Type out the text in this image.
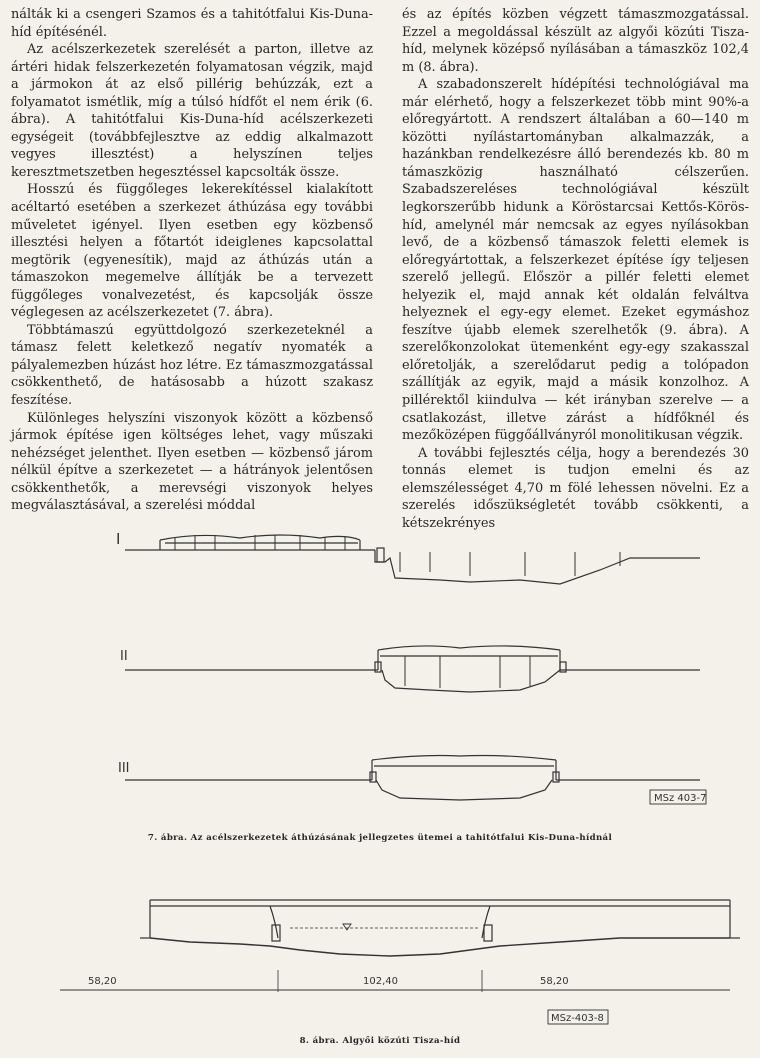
nálták ki a csengeri Szamos és a tahitótfalui Kis-Duna-híd építésénél.

Az acélszerkezetek szerelését a parton, illetve az ártéri hidak felszerkezetén folyamatosan végzik, majd a jármokon át az első pillérig behúzzák, ezt a folyamatot ismétlik, míg a túlsó hídfőt el nem érik (6. ábra). A tahitótfalui Kis-Duna-híd acélszerkezeti egységeit (továbbfejlesztve az eddig alkalmazott vegyes illesztést) a helyszínen teljes keresztmetszetben hegesztéssel kapcsolták össze.

Hosszú és függőleges lekerekítéssel kialakított acéltartó esetében a szerkezet áthúzása egy további műveletet igényel. Ilyen esetben egy közbenső illesztési helyen a főtartót ideiglenes kapcsolattal megtörik (egyenesítik), majd az áthúzás után a támaszokon megemelve állítják be a tervezett függőleges vonalvezetést, és kapcsolják össze véglegesen az acélszerkezetet (7. ábra).

Többtámaszú együttdolgozó szerkezeteknél a támasz felett keletkező negatív nyomaték a pályalemezben húzást hoz létre. Ez támaszmozgatással csökkenthető, de hatásosabb a húzott szakasz feszítése.

Különleges helyszíni viszonyok között a közbenső jármok építése igen költséges lehet, vagy műszaki nehézséget jelenthet. Ilyen esetben — közbenső járom nélkül építve a szerkezetet — a hátrányok jelentősen csökkenthetők, a merevségi viszonyok helyes megválasztásával, a szerelési móddal

és az építés közben végzett támaszmozgatással. Ezzel a megoldással készült az algyői közúti Tisza-híd, melynek középső nyílásában a támaszköz 102,4 m (8. ábra).

A szabadonszerelt hídépítési technológiával ma már elérhető, hogy a felszerkezet több mint 90%-a előregyártott. A rendszert általában a 60—140 m közötti nyílástartományban alkalmazzák, a hazánkban rendelkezésre álló berendezés kb. 80 m támaszközig használható célszerűen. Szabadszereléses technológiával készült legkorszerűbb hidunk a Köröstarcsai Kettős-Körös-híd, amelynél már nemcsak az egyes nyílásokban levő, de a közbenső támaszok feletti elemek is előregyártottak, a felszerkezet építése így teljesen szerelő jellegű. Először a pillér feletti elemet helyezik el, majd annak két oldalán felváltva helyeznek el egy-egy elemet. Ezeket egymáshoz feszítve újabb elemek szerelhetők (9. ábra). A szerelőkonzolokat ütemenként egy-egy szakasszal előretolják, a szerelődarut pedig a tolópadon szállítják az egyik, majd a másik konzolhoz. A pillérektől kiindulva — két irányban szerelve — a csatlakozást, illetve zárást a hídfőknél és mezőközépen függőállványról monolitikusan végzik.

A további fejlesztés célja, hogy a berendezés 30 tonnás elemet is tudjon emelni és az elemszélességet 4,70 m fölé lehessen növelni. Ez a szerelés időszükségletét tovább csökkenti, a kétszekrényes

I
II
III
MSz 403-7
7. ábra. Az acélszerkezetek áthúzásának jellegzetes ütemei a tahitótfalui Kis-Duna-hídnál
58,20	102,40	58,20
MSz-403-8
8. ábra. Algyői közúti Tisza-híd
